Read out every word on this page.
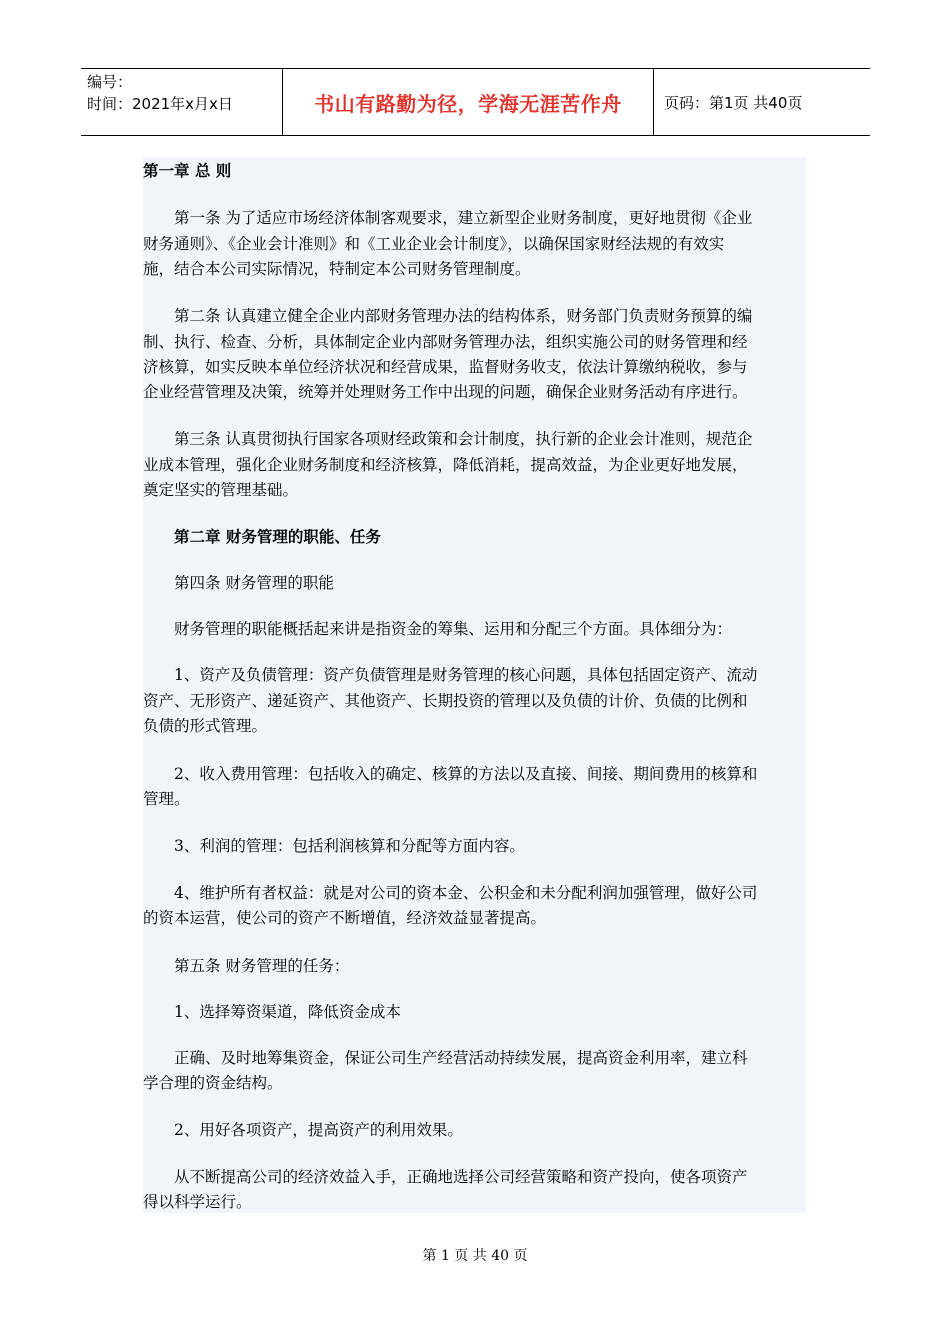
编号：
时间：2021年x月x日	书山有路勤为径，学海无涯苦作舟	页码：第1页 共40页
第一章 总 则
　　第一条 为了适应市场经济体制客观要求，建立新型企业财务制度，更好地贯彻《企业
财务通则》、《企业会计准则》和《工业企业会计制度》，以确保国家财经法规的有效实
施，结合本公司实际情况，特制定本公司财务管理制度。
　　第二条 认真建立健全企业内部财务管理办法的结构体系，财务部门负责财务预算的编
制、执行、检查、分析，具体制定企业内部财务管理办法，组织实施公司的财务管理和经
济核算，如实反映本单位经济状况和经营成果，监督财务收支，依法计算缴纳税收，参与
企业经营管理及决策，统筹并处理财务工作中出现的问题，确保企业财务活动有序进行。
　　第三条 认真贯彻执行国家各项财经政策和会计制度，执行新的企业会计准则，规范企
业成本管理，强化企业财务制度和经济核算，降低消耗，提高效益，为企业更好地发展，
奠定坚实的管理基础。
　　第二章 财务管理的职能、任务
　　第四条 财务管理的职能
　　财务管理的职能概括起来讲是指资金的筹集、运用和分配三个方面。具体细分为：
　　1、资产及负债管理：资产负债管理是财务管理的核心问题，具体包括固定资产、流动
资产、无形资产、递延资产、其他资产、长期投资的管理以及负债的计价、负债的比例和
负债的形式管理。
　　2、收入费用管理：包括收入的确定、核算的方法以及直接、间接、期间费用的核算和
管理。
　　3、利润的管理：包括利润核算和分配等方面内容。
　　4、维护所有者权益：就是对公司的资本金、公积金和未分配利润加强管理，做好公司
的资本运营，使公司的资产不断增值，经济效益显著提高。
　　第五条 财务管理的任务：
　　1、选择筹资渠道，降低资金成本
　　正确、及时地筹集资金，保证公司生产经营活动持续发展，提高资金利用率，建立科
学合理的资金结构。
　　2、用好各项资产，提高资产的利用效果。
　　从不断提高公司的经济效益入手，正确地选择公司经营策略和资产投向，使各项资产
得以科学运行。
第 1 页 共 40 页
